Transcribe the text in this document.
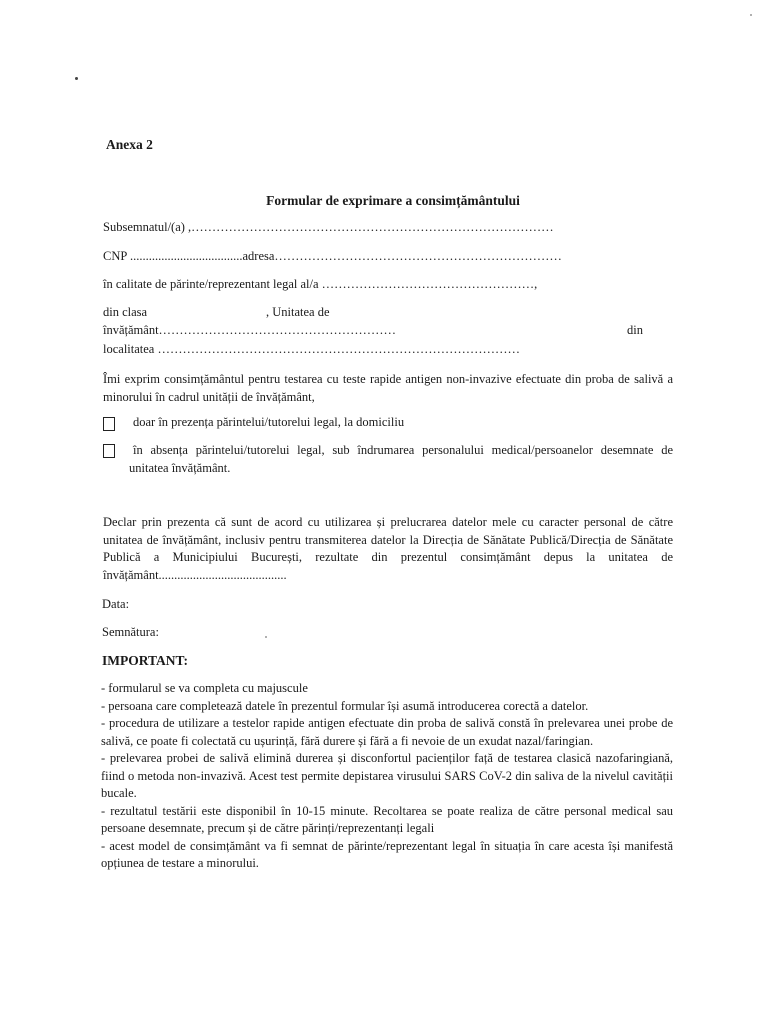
Anexa 2

Formular de exprimare a consimțământului

Subsemnatul/(a) ,……………………………………………………………………………

CNP ....................................adresa……………………………………………………………

în calitate de părinte/reprezentant legal al/a ……………………………………………,

din clasa	, Unitatea de

învățământ…………………………………………………	din

localitatea ……………………………………………………………………………

Îmi exprim consimțământul pentru testarea cu teste rapide antigen non-invazive efectuate din proba de salivă a minorului în cadrul unității de învățământ,

doar în prezența părintelui/tutorelui legal, la domiciliu

în absența părintelui/tutorelui legal, sub îndrumarea personalului medical/persoanelor desemnate de unitatea învățământ.

Declar prin prezenta că sunt de acord cu utilizarea și prelucrarea datelor mele cu caracter personal de către unitatea de învățământ, inclusiv pentru transmiterea datelor la Direcția de Sănătate Publică/Direcția de Sănătate Publică a Municipiului București, rezultate din prezentul consimțământ depus la unitatea de învățământ.........................................

Data:

Semnătura:

IMPORTANT:

- formularul se va completa cu majuscule
- persoana care completează datele în prezentul formular își asumă introducerea corectă a datelor.
- procedura de utilizare a testelor rapide antigen efectuate din proba de salivă constă în prelevarea unei probe de salivă, ce poate fi colectată cu ușurință, fără durere și fără a fi nevoie de un exudat nazal/faringian.
- prelevarea probei de salivă elimină durerea și disconfortul pacienților față de testarea clasică nazofaringiană, fiind o metoda non-invazivă. Acest test permite depistarea virusului SARS CoV-2 din saliva de la nivelul cavității bucale.
- rezultatul testării este disponibil în 10-15 minute. Recoltarea se poate realiza de către personal medical sau persoane desemnate, precum și de către părinți/reprezentanți legali
- acest model de consimțământ va fi semnat de părinte/reprezentant legal în situația în care acesta își manifestă opțiunea de testare a minorului.
